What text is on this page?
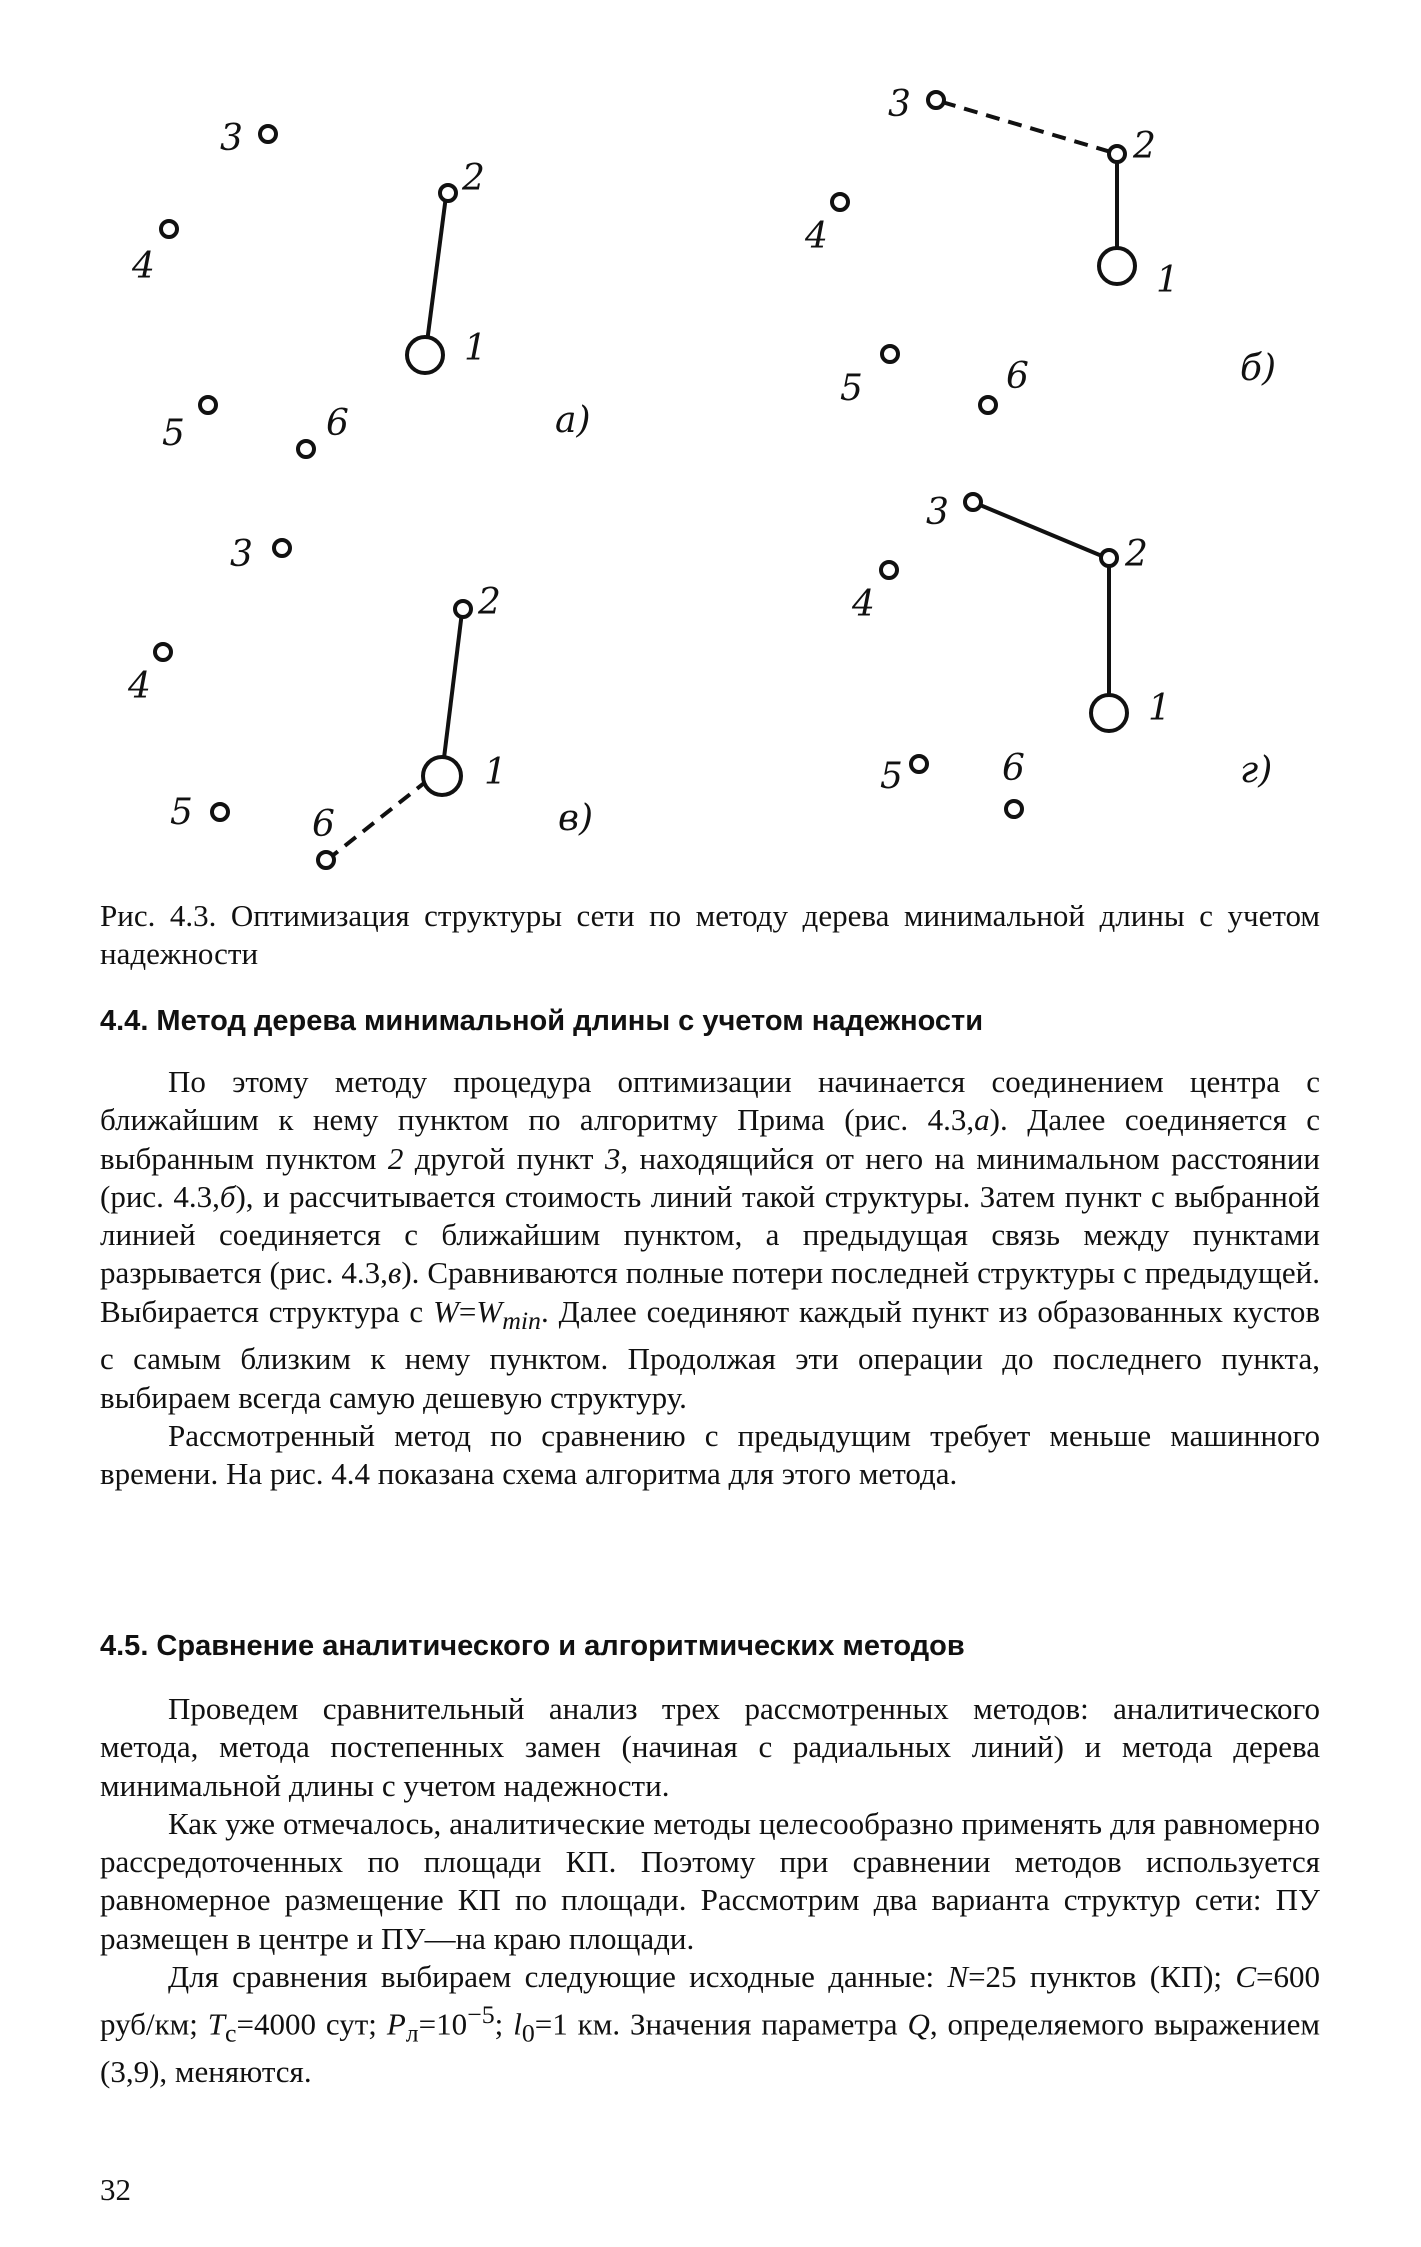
3
2
4
1
5	6	а)
3
2
4
1
5	6	б)
3
2
4
1
5	6	в)
3
2
4
1
5	6	г)
Рис. 4.3. Оптимизация структуры сети по методу дерева минимальной длины с учетом надежности
4.4. Метод дерева минимальной длины с учетом надежности

По этому методу процедура оптимизации начинается соединением центра с ближайшим к нему пунктом по алгоритму Прима (рис. 4.3,а). Далее соединяется с выбранным пунктом 2 другой пункт 3, находящийся от него на минимальном расстоянии (рис. 4.3,б), и рассчитывается стоимость линий такой структуры. Затем пункт с выбранной линией соединяется с ближайшим пунктом, а предыдущая связь между пунктами разрывается (рис. 4.3,в). Сравниваются полные потери последней структуры с предыдущей. Выбирается структура с $W=W_{min}$. Далее соединяют каждый пункт из образованных кустов с самым близким к нему пунктом. Продолжая эти операции до последнего пункта, выбираем всегда самую дешевую структуру.

Рассмотренный метод по сравнению с предыдущим требует меньше машинного времени. На рис. 4.4 показана схема алгоритма для этого метода.

4.5. Сравнение аналитического и алгоритмических методов

Проведем сравнительный анализ трех рассмотренных методов: аналитического метода, метода постепенных замен (начиная с радиальных линий) и метода дерева минимальной длины с учетом надежности.

Как уже отмечалось, аналитические методы целесообразно применять для равномерно рассредоточенных по площади КП. Поэтому при сравнении методов используется равномерное размещение КП по площади. Рассмотрим два варианта структур сети: ПУ размещен в центре и ПУ—на краю площади.

Для сравнения выбираем следующие исходные данные: N=25 пунктов (КП); C=600 руб/км; $T_с=4000$ сут; $P_л=10^{-5}$; $l_0=1$ км. Значения параметра Q, определяемого выражением (3,9), меняются.

32
